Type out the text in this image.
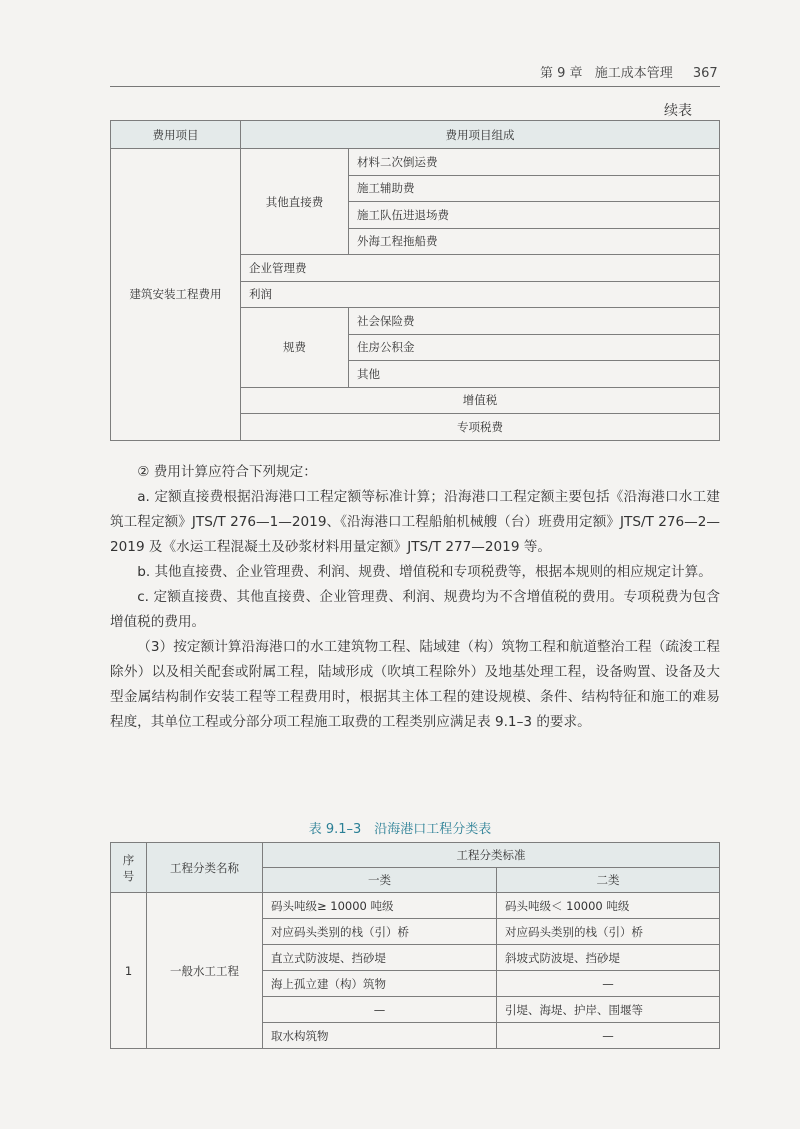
第 9 章 施工成本管理 367
续表
费用项目	费用项目组成	
建筑安装工程费用	其他直接费	材料二次倒运费
		施工辅助费
		施工队伍进退场费
		外海工程拖船费
	企业管理费	
	利润	
	规费	社会保险费
		住房公积金
		其他
	增值税	
	专项税费	

② 费用计算应符合下列规定：

a. 定额直接费根据沿海港口工程定额等标准计算；沿海港口工程定额主要包括《沿海港口水工建筑工程定额》JTS/T 276—1—2019、《沿海港口工程船舶机械艘（台）班费用定额》JTS/T 276—2—2019 及《水运工程混凝土及砂浆材料用量定额》JTS/T 277—2019 等。

b. 其他直接费、企业管理费、利润、规费、增值税和专项税费等，根据本规则的相应规定计算。

c. 定额直接费、其他直接费、企业管理费、利润、规费均为不含增值税的费用。专项税费为包含增值税的费用。

（3）按定额计算沿海港口的水工建筑物工程、陆域建（构）筑物工程和航道整治工程（疏浚工程除外）以及相关配套或附属工程，陆域形成（吹填工程除外）及地基处理工程，设备购置、设备及大型金属结构制作安装工程等工程费用时，根据其主体工程的建设规模、条件、结构特征和施工的难易程度，其单位工程或分部分项工程施工取费的工程类别应满足表 9.1–3 的要求。

表 9.1–3　沿海港口工程分类表
序号	工程分类名称	工程分类标准	
		一类	二类
1	一般水工工程	码头吨级≥ 10000 吨级	码头吨级＜ 10000 吨级
		对应码头类别的栈（引）桥	对应码头类别的栈（引）桥
		直立式防波堤、挡砂堤	斜坡式防波堤、挡砂堤
		海上孤立建（构）筑物	—
		—	引堤、海堤、护岸、围堰等
		取水构筑物	—
